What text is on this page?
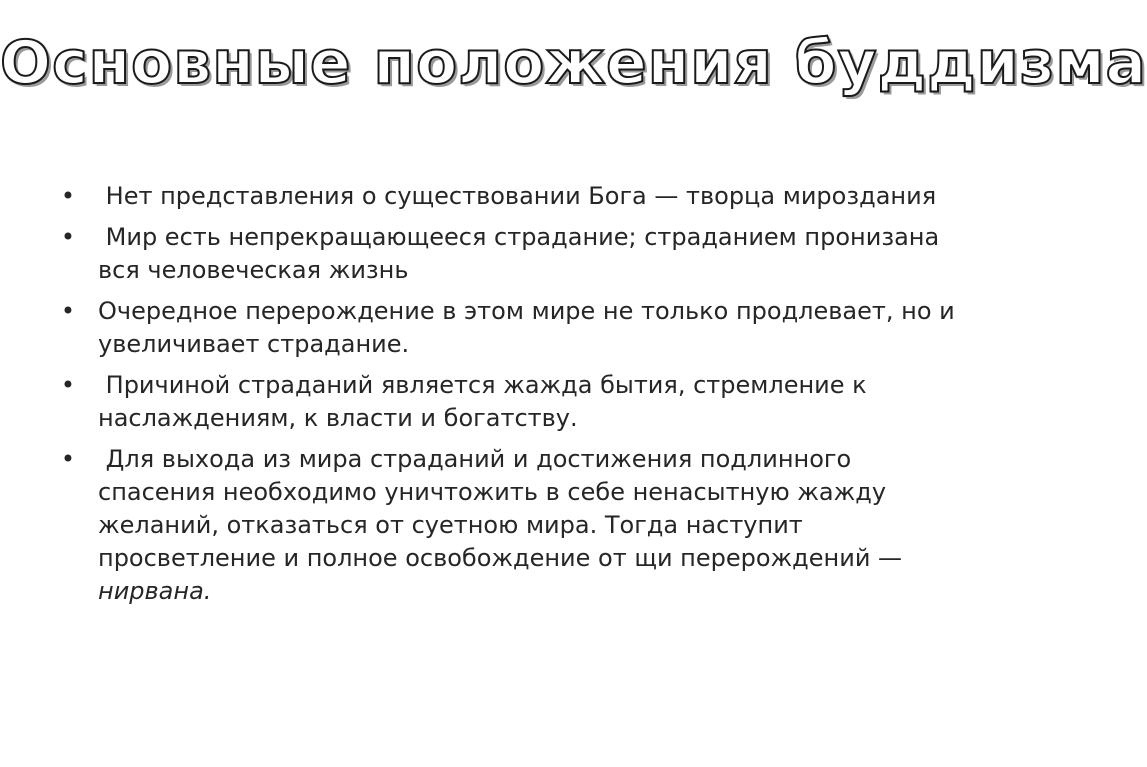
Основные положения буддизма
• Нет представления о существовании Бога — творца мироздания
• Мир есть непрекращающееся страдание; страданием пронизана вся человеческая жизнь
• Очередное перерождение в этом мире не только продлевает, но и увеличивает страдание.
• Причиной страданий является жажда бытия, стремление к наслаждениям, к власти и богатству.
• Для выхода из мира страданий и достижения подлинного спасения необходимо уничтожить в себе ненасытную жажду желаний, отказаться от суетною мира. Тогда наступит просветление и полное освобождение от щи перерождений — нирвана.
